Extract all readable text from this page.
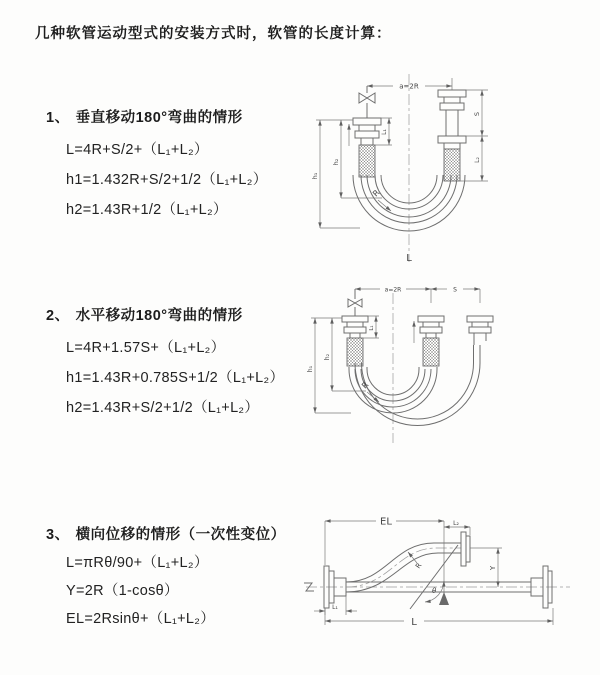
几种软管运动型式的安装方式时，软管的长度计算：
1、 垂直移动180°弯曲的情形
L=4R+S/2+（L₁+L₂）
h1=1.432R+S/2+1/2（L₁+L₂）
h2=1.43R+1/2（L₁+L₂）
a=2R
R
h₂
h₁
L₁
S
L₂
L
2、 水平移动180°弯曲的情形
L=4R+1.57S+（L₁+L₂）
h1=1.43R+0.785S+1/2（L₁+L₂）
h2=1.43R+S/2+1/2（L₁+L₂）
a=2R	S
R
h₂
h₁
L₁
3、 横向位移的情形（一次性变位）
L=πRθ/90+（L₁+L₂）
Y=2R（1-cosθ）
EL=2Rsinθ+（L₁+L₂）
EL
θ
L₂
Y
R
L₁
L
